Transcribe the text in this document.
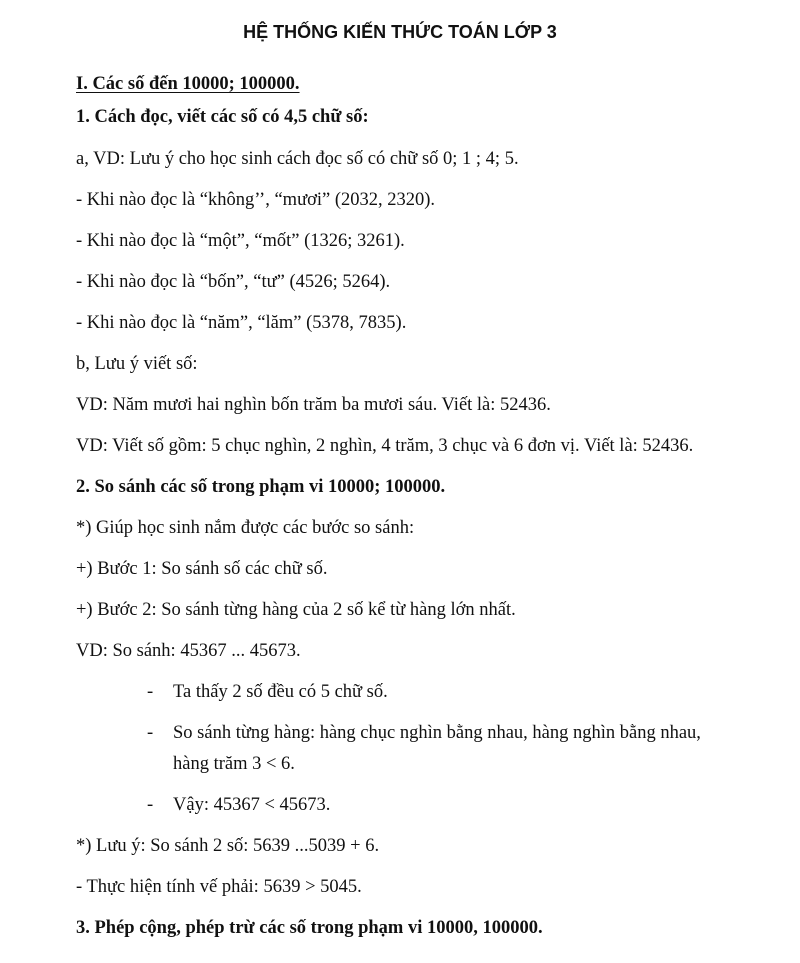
HỆ THỐNG KIẾN THỨC TOÁN LỚP 3

I. Các số đến 10000; 100000.

1. Cách đọc, viết các số có 4,5 chữ số:

a, VD: Lưu ý cho học sinh cách đọc số có chữ số 0; 1 ; 4; 5.

- Khi nào đọc là “không’’, “mươi” (2032, 2320).

- Khi nào đọc là “một”, “mốt” (1326; 3261).

- Khi nào đọc là “bốn”, “tư” (4526; 5264).

- Khi nào đọc là “năm”, “lăm” (5378, 7835).

b, Lưu ý viết số:

VD: Năm mươi hai nghìn bốn trăm ba mươi sáu. Viết là: 52436.

VD: Viết số gồm: 5 chục nghìn, 2 nghìn, 4 trăm, 3 chục và 6 đơn vị. Viết là: 52436.

2. So sánh các số trong phạm vi 10000; 100000.

*) Giúp học sinh nắm được các bước so sánh:

+) Bước 1: So sánh số các chữ số.

+) Bước 2: So sánh từng hàng của 2 số kể từ hàng lớn nhất.

VD: So sánh: 45367 ... 45673.

- Ta thấy 2 số đều có 5 chữ số.
- So sánh từng hàng: hàng chục nghìn bằng nhau, hàng nghìn bằng nhau,
hàng trăm 3 < 6.
- Vậy: 45367 < 45673.

*) Lưu ý: So sánh 2 số: 5639 ...5039 + 6.

- Thực hiện tính vế phải: 5639 > 5045.

3. Phép cộng, phép trừ các số trong phạm vi 10000, 100000.
